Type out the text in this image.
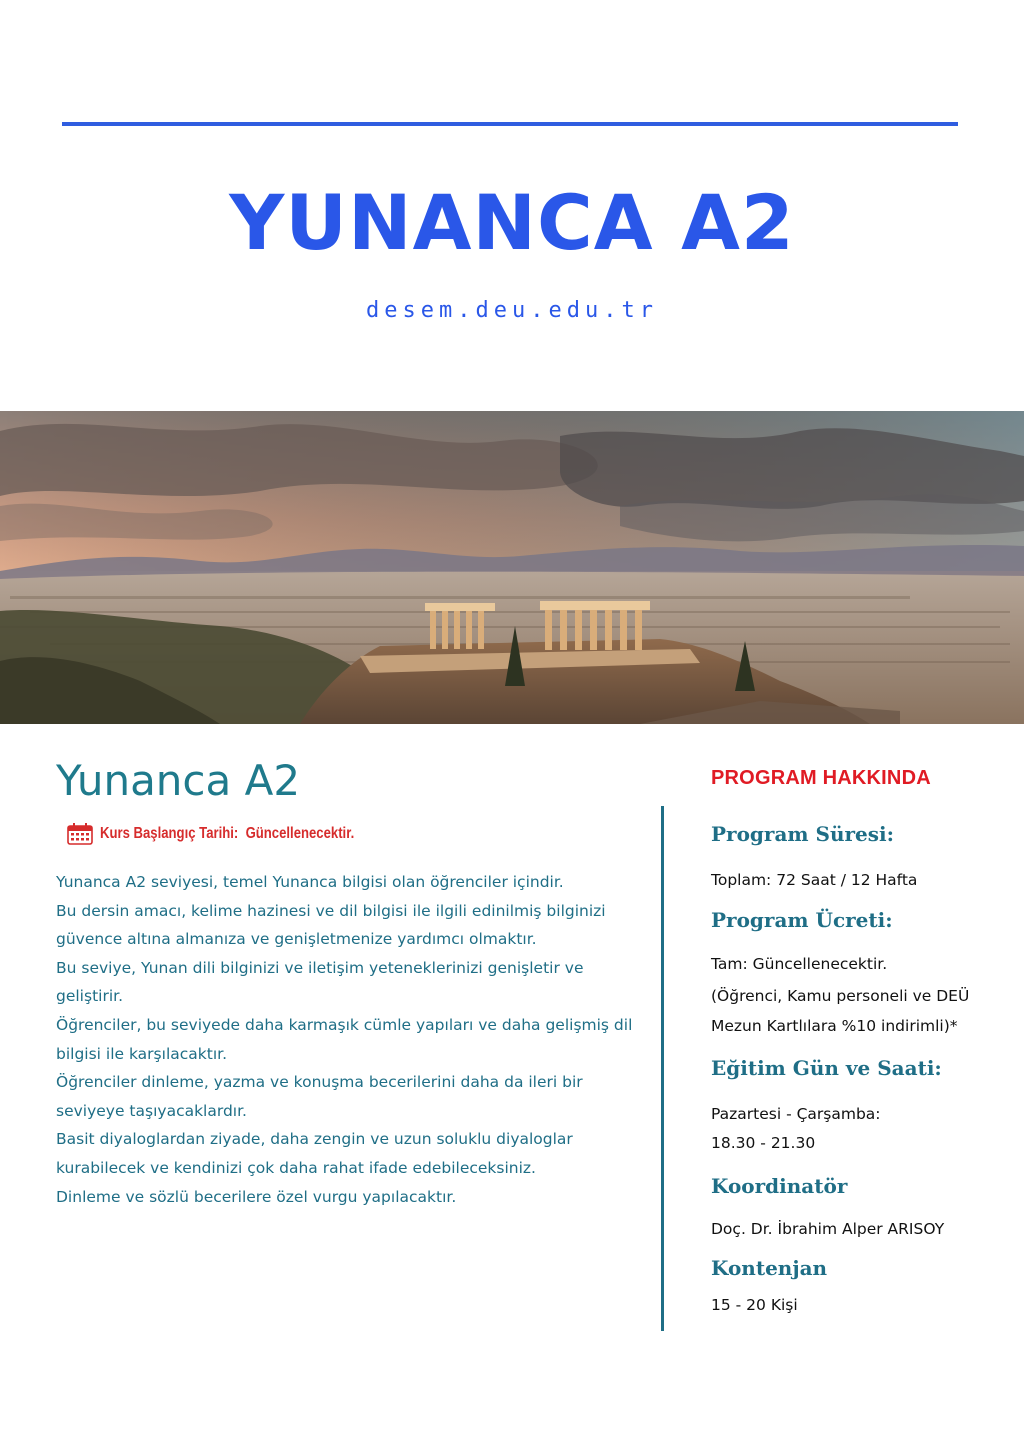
YUNANCA A2
desem.deu.edu.tr
Yunanca A2
Kurs Başlangıç Tarihi: Güncellenecektir.

Yunanca A2 seviyesi, temel Yunanca bilgisi olan öğrenciler içindir.

Bu dersin amacı, kelime hazinesi ve dil bilgisi ile ilgili edinilmiş bilginizi güvence altına almanıza ve genişletmenize yardımcı olmaktır.

Bu seviye, Yunan dili bilginizi ve iletişim yeteneklerinizi genişletir ve geliştirir.

Öğrenciler, bu seviyede daha karmaşık cümle yapıları ve daha gelişmiş dil bilgisi ile karşılacaktır.

Öğrenciler dinleme, yazma ve konuşma becerilerini daha da ileri bir seviyeye taşıyacaklardır.

Basit diyaloglardan ziyade, daha zengin ve uzun soluklu diyaloglar kurabilecek ve kendinizi çok daha rahat ifade edebileceksiniz.

Dinleme ve sözlü becerilere özel vurgu yapılacaktır.

PROGRAM HAKKINDA
Program Süresi:
Toplam: 72 Saat / 12 Hafta
Program Ücreti:
Tam: Güncellenecektir.
(Öğrenci, Kamu personeli ve DEÜ
Mezun Kartlılara %10 indirimli)*
Eğitim Gün ve Saati:
Pazartesi - Çarşamba:
18.30 - 21.30
Koordinatör
Doç. Dr. İbrahim Alper ARISOY
Kontenjan
15 - 20 Kişi
